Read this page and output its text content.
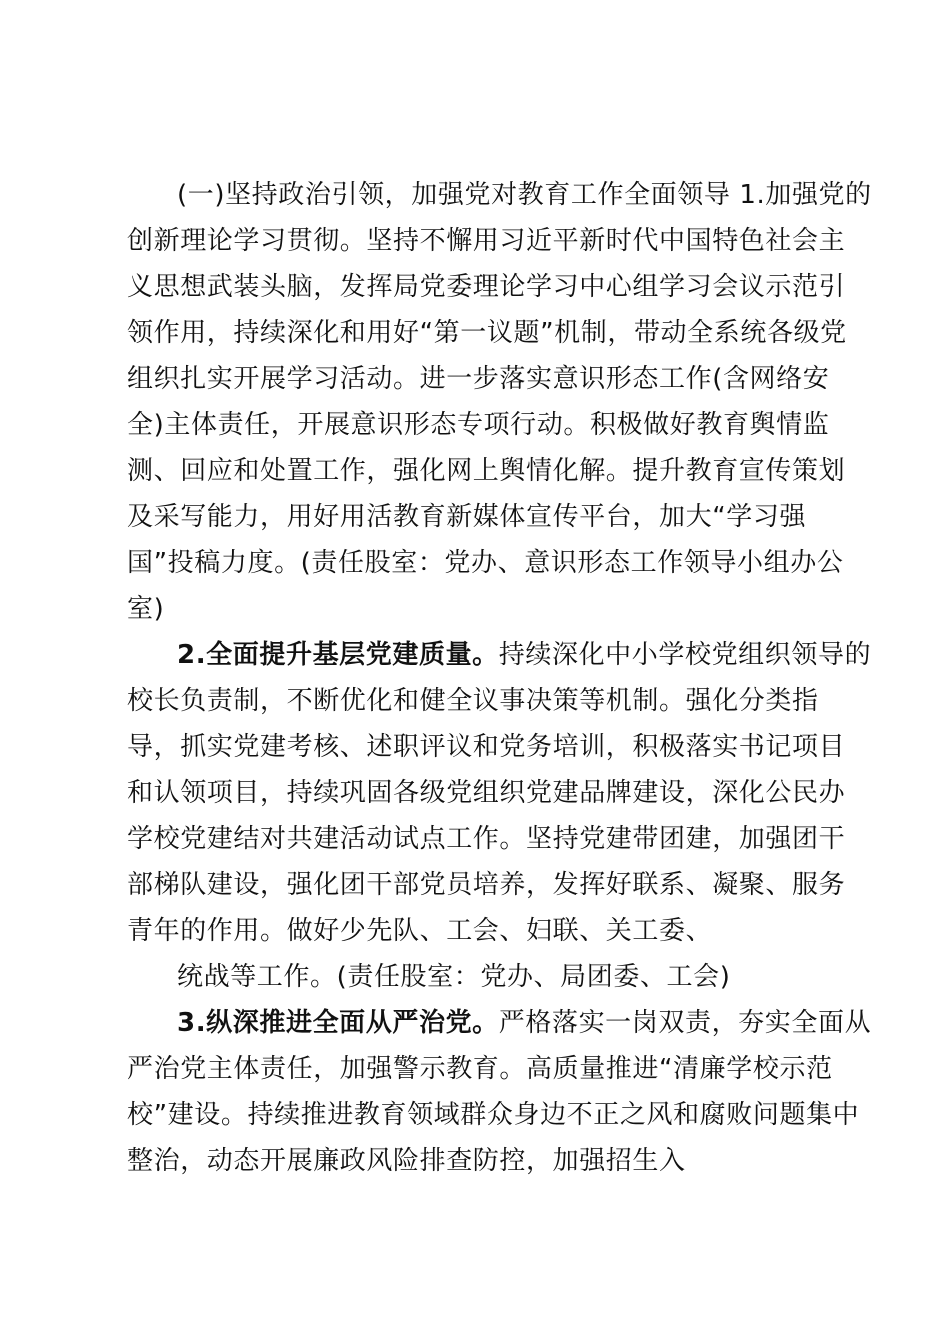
(一)坚持政治引领，加强党对教育工作全面领导 1.加强党的
创新理论学习贯彻。坚持不懈用习近平新时代中国特色社会主
义思想武装头脑，发挥局党委理论学习中心组学习会议示范引
领作用，持续深化和用好“第一议题”机制，带动全系统各级党
组织扎实开展学习活动。进一步落实意识形态工作(含网络安
全)主体责任，开展意识形态专项行动。积极做好教育舆情监
测、回应和处置工作，强化网上舆情化解。提升教育宣传策划
及采写能力，用好用活教育新媒体宣传平台，加大“学习强
国”投稿力度。(责任股室：党办、意识形态工作领导小组办公
室)
2.全面提升基层党建质量。持续深化中小学校党组织领导的
校长负责制，不断优化和健全议事决策等机制。强化分类指
导，抓实党建考核、述职评议和党务培训，积极落实书记项目
和认领项目，持续巩固各级党组织党建品牌建设，深化公民办
学校党建结对共建活动试点工作。坚持党建带团建，加强团干
部梯队建设，强化团干部党员培养，发挥好联系、凝聚、服务
青年的作用。做好少先队、工会、妇联、关工委、
统战等工作。(责任股室：党办、局团委、工会)
3.纵深推进全面从严治党。严格落实一岗双责，夯实全面从
严治党主体责任，加强警示教育。高质量推进“清廉学校示范
校”建设。持续推进教育领域群众身边不正之风和腐败问题集中
整治，动态开展廉政风险排查防控，加强招生入
